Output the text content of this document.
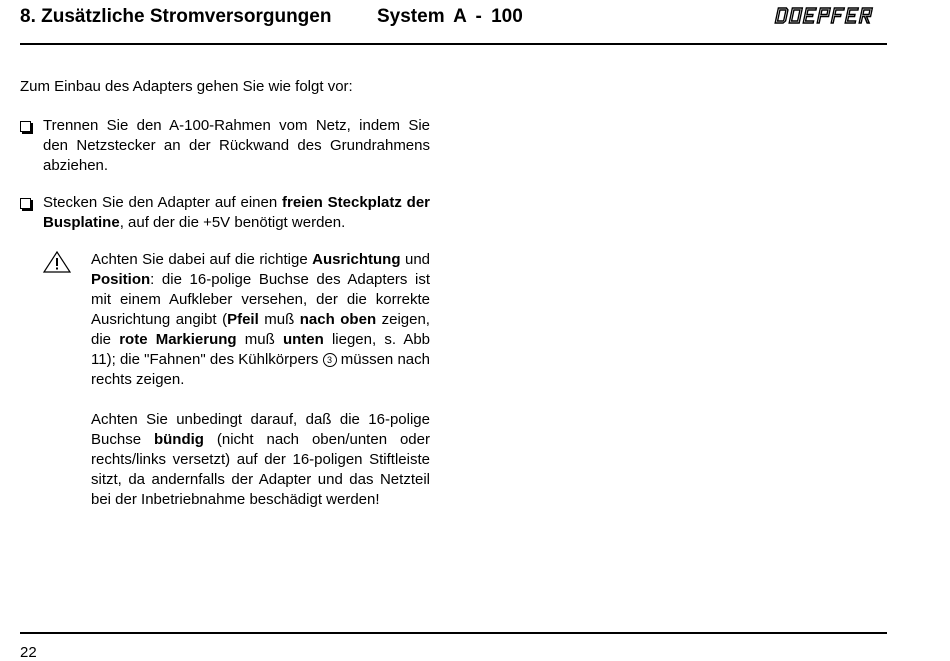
8. Zusätzliche Stromversorgungen System A - 100
DOEPFER

Zum Einbau des Adapters gehen Sie wie folgt vor:

Trennen Sie den A-100-Rahmen vom Netz, indem Sie den Netzstecker an der Rückwand des Grundrahmens abziehen.
Stecken Sie den Adapter auf einen freien Steckplatz der Busplatine, auf der die +5V benötigt werden.

Achten Sie dabei auf die richtige Ausrichtung und Position: die 16-polige Buchse des Adapters ist mit einem Aufkleber versehen, der die korrekte Ausrichtung angibt (Pfeil muß nach oben zeigen, die rote Markierung muß unten liegen, s. Abb 11); die "Fahnen" des Kühlkörpers 3 müssen nach rechts zeigen.

Achten Sie unbedingt darauf, daß die 16-polige Buchse bündig (nicht nach oben/unten oder rechts/links versetzt) auf der 16-poligen Stiftleiste sitzt, da andernfalls der Adapter und das Netzteil bei der Inbetriebnahme beschädigt werden!

22
